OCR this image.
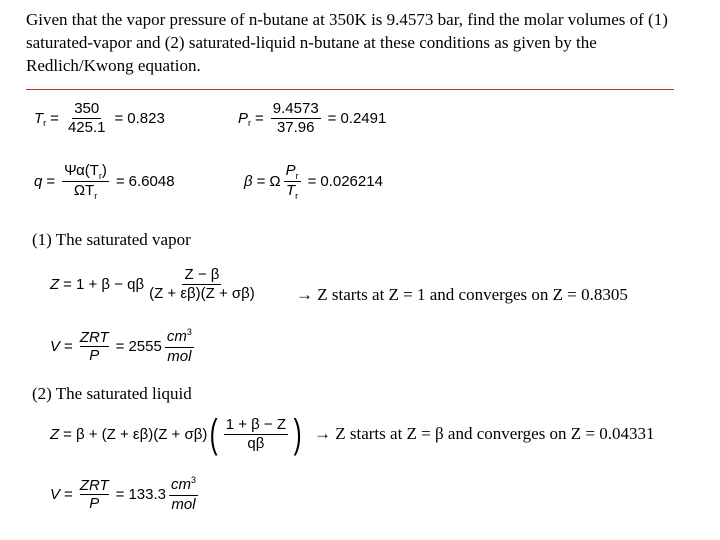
Given that the vapor pressure of n-butane at 350K is 9.4573 bar, find the molar volumes of (1) saturated-vapor and (2) saturated-liquid n-butane at these conditions as given by the Redlich/Kwong equation.

T $r = \frac{350}{425.1} = 0.823$	P $r = \frac{9.4573}{37.96} = 0.2491$
$q = \frac{\Psi\alpha(T_r)}{\Omega T_r} = 6.6048$	β = Ω $\frac{P_r}{T_r} = 0.026214$
(1) The saturated vapor
Z = 1 + β − qβ $\frac{Z - \beta}{(Z + \varepsilon\beta)(Z + \sigma\beta)} \to Z$ starts at Z = 1 and converges on Z = 0.8305
$V = \frac{\text{ZRT}}{P} = 2555 \frac{cm^3}{\text{mol}}$
(2) The saturated liquid
Z = β + (Z + εβ)(Z + σβ) ( $\frac{1 + \beta - Z}{q\beta}$ ) → Z starts at Z = β and converges on Z = 0.04331
$V = \frac{\text{ZRT}}{P} = 133.3 \frac{cm^3}{\text{mol}}$
